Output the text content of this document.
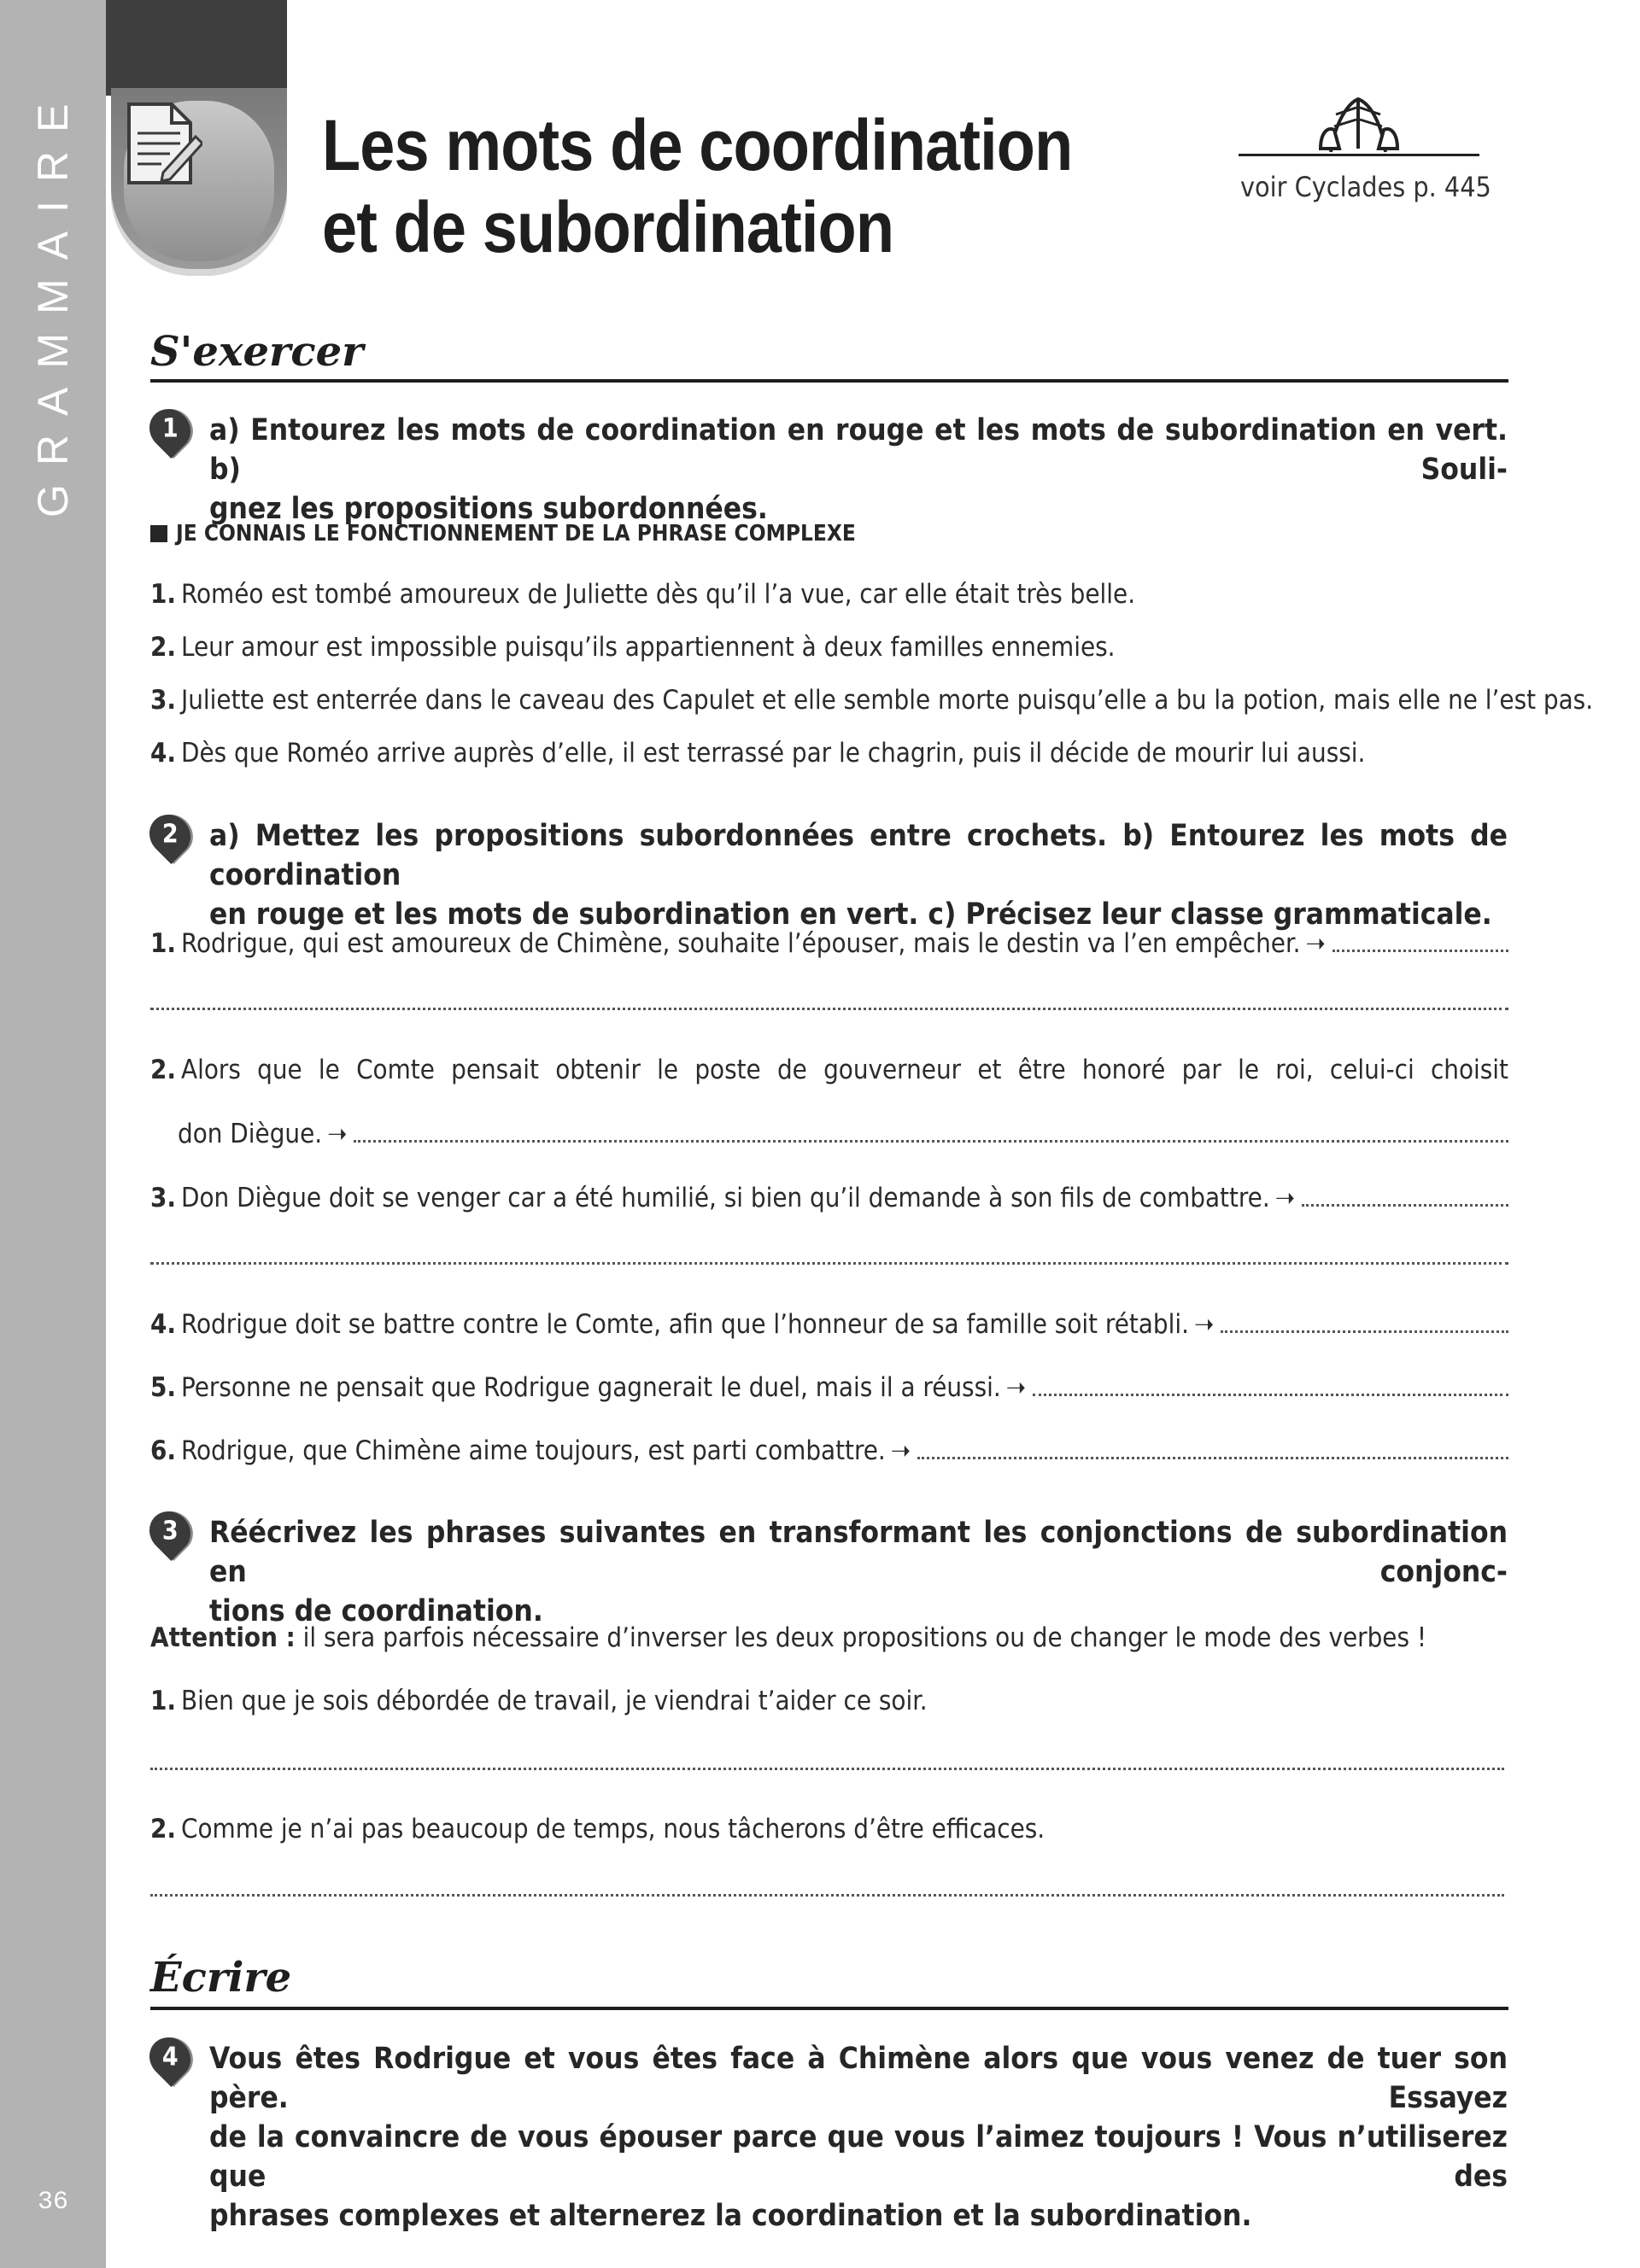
GRAMMAIRE
36
Les mots de coordination
et de subordination	voir Cyclades p. 445
S'exercer
1	a) Entourez les mots de coordination en rouge et les mots de subordination en vert. b) Souli-
gnez les propositions subordonnées.

JE CONNAIS LE FONCTIONNEMENT DE LA PHRASE COMPLEXE
1. Roméo est tombé amoureux de Juliette dès qu’il l’a vue, car elle était très belle.
2. Leur amour est impossible puisqu’ils appartiennent à deux familles ennemies.
3. Juliette est enterrée dans le caveau des Capulet et elle semble morte puisqu’elle a bu la potion, mais elle ne l’est pas.
4. Dès que Roméo arrive auprès d’elle, il est terrassé par le chagrin, puis il décide de mourir lui aussi.
2	a) Mettez les propositions subordonnées entre crochets. b) Entourez les mots de coordination
en rouge et les mots de subordination en vert. c) Précisez leur classe grammaticale.

1. Rodrigue, qui est amoureux de Chimène, souhaite l’épouser, mais le destin va l’en empêcher. ➝
2. Alors que le Comte pensait obtenir le poste de gouverneur et être honoré par le roi, celui-ci choisit
don Diègue. ➝
3. Don Diègue doit se venger car a été humilié, si bien qu’il demande à son fils de combattre. ➝
4. Rodrigue doit se battre contre le Comte, afin que l’honneur de sa famille soit rétabli. ➝
5. Personne ne pensait que Rodrigue gagnerait le duel, mais il a réussi. ➝
6. Rodrigue, que Chimène aime toujours, est parti combattre. ➝
3	Réécrivez les phrases suivantes en transformant les conjonctions de subordination en conjonc-
tions de coordination.

Attention : il sera parfois nécessaire d’inverser les deux propositions ou de changer le mode des verbes !
1. Bien que je sois débordée de travail, je viendrai t’aider ce soir.
2. Comme je n’ai pas beaucoup de temps, nous tâcherons d’être efficaces.
Écrire
4	Vous êtes Rodrigue et vous êtes face à Chimène alors que vous venez de tuer son père. Essayez
de la convaincre de vous épouser parce que vous l’aimez toujours ! Vous n’utiliserez que des
phrases complexes et alternerez la coordination et la subordination.
